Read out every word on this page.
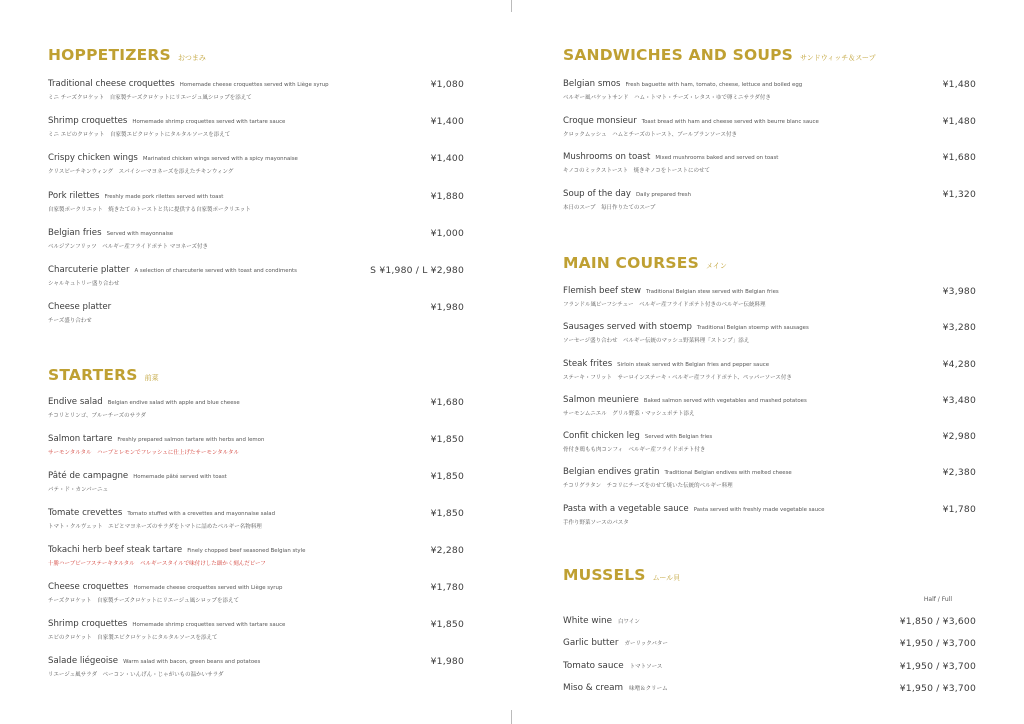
HOPPETIZERS おつまみ
Traditional cheese croquettes Homemade cheese croquettes served with Liège syrup	¥1,080
ミニ チーズクロケット　自家製チーズクロケットにリエージュ風シロップを添えて
Shrimp croquettes Homemade shrimp croquettes served with tartare sauce	¥1,400
ミニ エビのクロケット　自家製エビクロケットにタルタルソースを添えて
Crispy chicken wings Marinated chicken wings served with a spicy mayonnaise	¥1,400
クリスピーチキンウィング　スパイシーマヨネーズを添えたチキンウィング
Pork rilettes Freshly made pork rilettes served with toast	¥1,880
自家製ポークリエット　焼きたてのトーストと共に提供する自家製ポークリエット
Belgian fries Served with mayonnaise	¥1,000
ベルジアンフリッツ　ベルギー産フライドポテト マヨネーズ付き
Charcuterie platter A selection of charcuterie served with toast and condiments	S ¥1,980 / L ¥2,980
シャルキュトリー盛り合わせ
Cheese platter	¥1,980
チーズ盛り合わせ
STARTERS 前菜
Endive salad Belgian endive salad with apple and blue cheese	¥1,680
チコリとリンゴ、ブルーチーズのサラダ
Salmon tartare Freshly prepared salmon tartare with herbs and lemon	¥1,850
サーモンタルタル　ハーブとレモンでフレッシュに仕上げたサーモンタルタル
Pâté de campagne Homemade pâté served with toast	¥1,850
パテ・ド・カンパーニュ
Tomate crevettes Tomato stuffed with a crevettes and mayonnaise salad	¥1,850
トマト・クルヴェット　エビとマヨネーズのサラダをトマトに詰めたベルギー名物料理
Tokachi herb beef steak tartare Finely chopped beef seasoned Belgian style	¥2,280
十勝ハーブビーフステーキタルタル　ベルギースタイルで味付けした細かく刻んだビーフ
Cheese croquettes Homemade cheese croquettes served with Liège syrup	¥1,780
チーズクロケット　自家製チーズクロケットにリエージュ風シロップを添えて
Shrimp croquettes Homemade shrimp croquettes served with tartare sauce	¥1,850
エビのクロケット　自家製エビクロケットにタルタルソースを添えて
Salade liégeoise Warm salad with bacon, green beans and potatoes	¥1,980
リエージュ風サラダ　ベーコン・いんげん・じゃがいもの温かいサラダ
SANDWICHES AND SOUPS サンドウィッチ＆スープ
Belgian smos Fresh baguette with ham, tomato, cheese, lettuce and boiled egg	¥1,480
ベルギー風バケットサンド　ハム・トマト・チーズ・レタス・ゆで卵ミニサラダ付き
Croque monsieur Toast bread with ham and cheese served with beurre blanc sauce	¥1,480
クロックムッシュ　ハムとチーズのトースト、ブールブランソース付き
Mushrooms on toast Mixed mushrooms baked and served on toast	¥1,680
キノコのミックストースト　焼きキノコをトーストにのせて
Soup of the day Daily prepared fresh	¥1,320
本日のスープ　毎日作りたてのスープ
MAIN COURSES メイン
Flemish beef stew Traditional Belgian stew served with Belgian fries	¥3,980
フランドル風ビーフシチュー　ベルギー産フライドポテト付きのベルギー伝統料理
Sausages served with stoemp Traditional Belgian stoemp with sausages	¥3,280
ソーセージ盛り合わせ　ベルギー伝統のマッシュ野菜料理「ストンプ」添え
Steak frites Sirloin steak served with Belgian fries and pepper sauce	¥4,280
ステーキ・フリット　サーロインステーキ・ベルギー産フライドポテト、ペッパーソース付き
Salmon meuniere Baked salmon served with vegetables and mashed potatoes	¥3,480
サーモンムニエル　グリル野菜・マッシュポテト添え
Confit chicken leg Served with Belgian fries	¥2,980
骨付き鶏もも肉コンフィ　ベルギー産フライドポテト付き
Belgian endives gratin Traditional Belgian endives with melted cheese	¥2,380
チコリグラタン　チコリにチーズをのせて焼いた伝統的ベルギー料理
Pasta with a vegetable sauce Pasta served with freshly made vegetable sauce	¥1,780
手作り野菜ソースのパスタ
MUSSELS ムール貝
Half / Full
White wine 白ワイン	¥1,850 / ¥3,600
Garlic butter ガーリックバター	¥1,950 / ¥3,700
Tomato sauce トマトソース	¥1,950 / ¥3,700
Miso & cream 味噌＆クリーム	¥1,950 / ¥3,700
